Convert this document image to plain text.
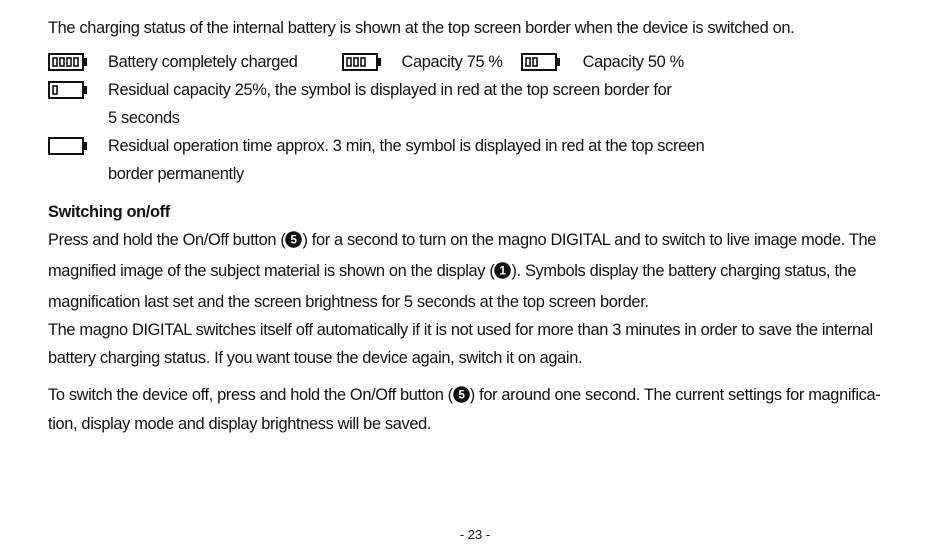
The charging status of the internal battery is shown at the top screen border when the device is switched on.
Battery completely charged	Capacity 75 %	Capacity 50 %
Residual capacity 25%, the symbol is displayed in red at the top screen border for
5 seconds
Residual operation time approx. 3 min, the symbol is displayed in red at the top screen
border permanently
Switching on/off
Press and hold the On/Off button ( 5 ) for a second to turn on the magno DIGITAL and to switch to live image mode. The
magnified image of the subject material is shown on the display ( 1 ). Symbols display the battery charging status, the
magnification last set and the screen brightness for 5 seconds at the top screen border.
The magno DIGITAL switches itself off automatically if it is not used for more than 3 minutes in order to save the internal
battery charging status. If you want touse the device again, switch it on again.
To switch the device off, press and hold the On/Off button ( 5 ) for around one second. The current settings for magnifica-
tion, display mode and display brightness will be saved.
- 23 -
